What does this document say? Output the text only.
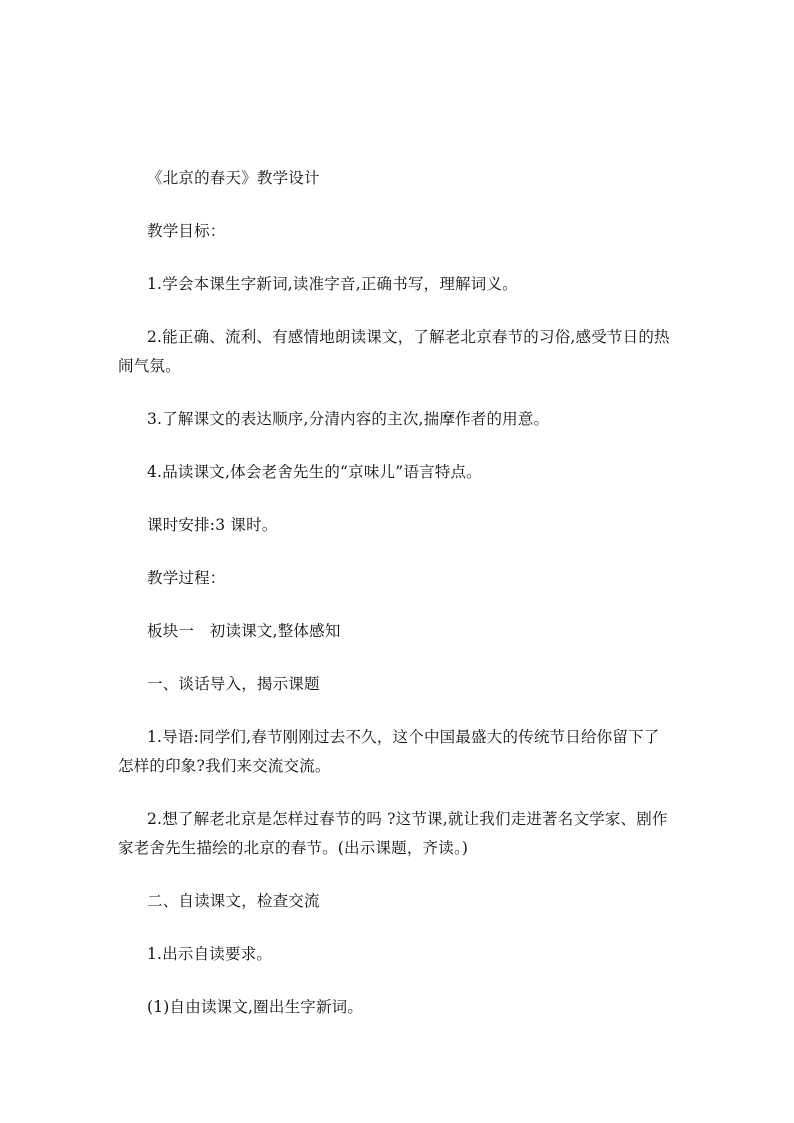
《北京的春天》教学设计

教学目标：

1.学会本课生字新词,读准字音,正确书写，理解词义。

2.能正确、流利、有感情地朗读课文，了解老北京春节的习俗,感受节日的热闹气氛。

3.了解课文的表达顺序,分清内容的主次,揣摩作者的用意。

4.品读课文,体会老舍先生的“京味儿”语言特点。

课时安排:3 课时。

教学过程：

板块一　初读课文,整体感知

一、谈话导入，揭示课题

1.导语:同学们,春节刚刚过去不久，这个中国最盛大的传统节日给你留下了怎样的印象?我们来交流交流。

2.想了解老北京是怎样过春节的吗 ?这节课,就让我们走进著名文学家、剧作家老舍先生描绘的北京的春节。(出示课题，齐读。)

二、自读课文，检查交流

1.出示自读要求。

(1)自由读课文,圈出生字新词。
